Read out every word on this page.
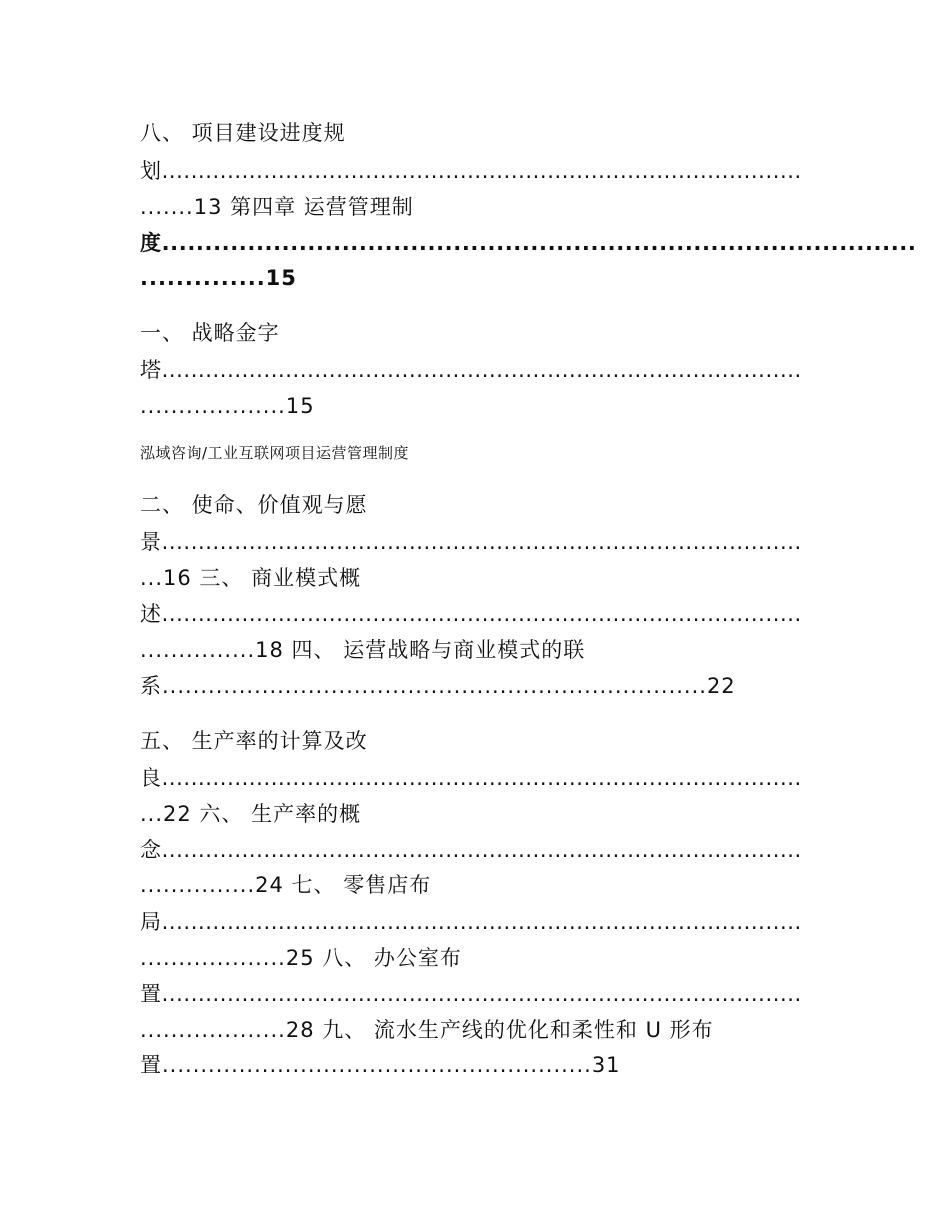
八、 项目建设进度规
划........................................................................................
.......13 第四章 运营管理制
度........................................................................................
..............15
一、 战略金字
塔........................................................................................
...................15
泓域咨询/工业互联网项目运营管理制度
二、 使命、价值观与愿
景........................................................................................
...16 三、 商业模式概
述........................................................................................
...............18 四、 运营战略与商业模式的联
系.......................................................................22
五、 生产率的计算及改
良........................................................................................
...22 六、 生产率的概
念........................................................................................
...............24 七、 零售店布
局........................................................................................
...................25 八、 办公室布
置........................................................................................
...................28 九、 流水生产线的优化和柔性和 U 形布
置........................................................31
